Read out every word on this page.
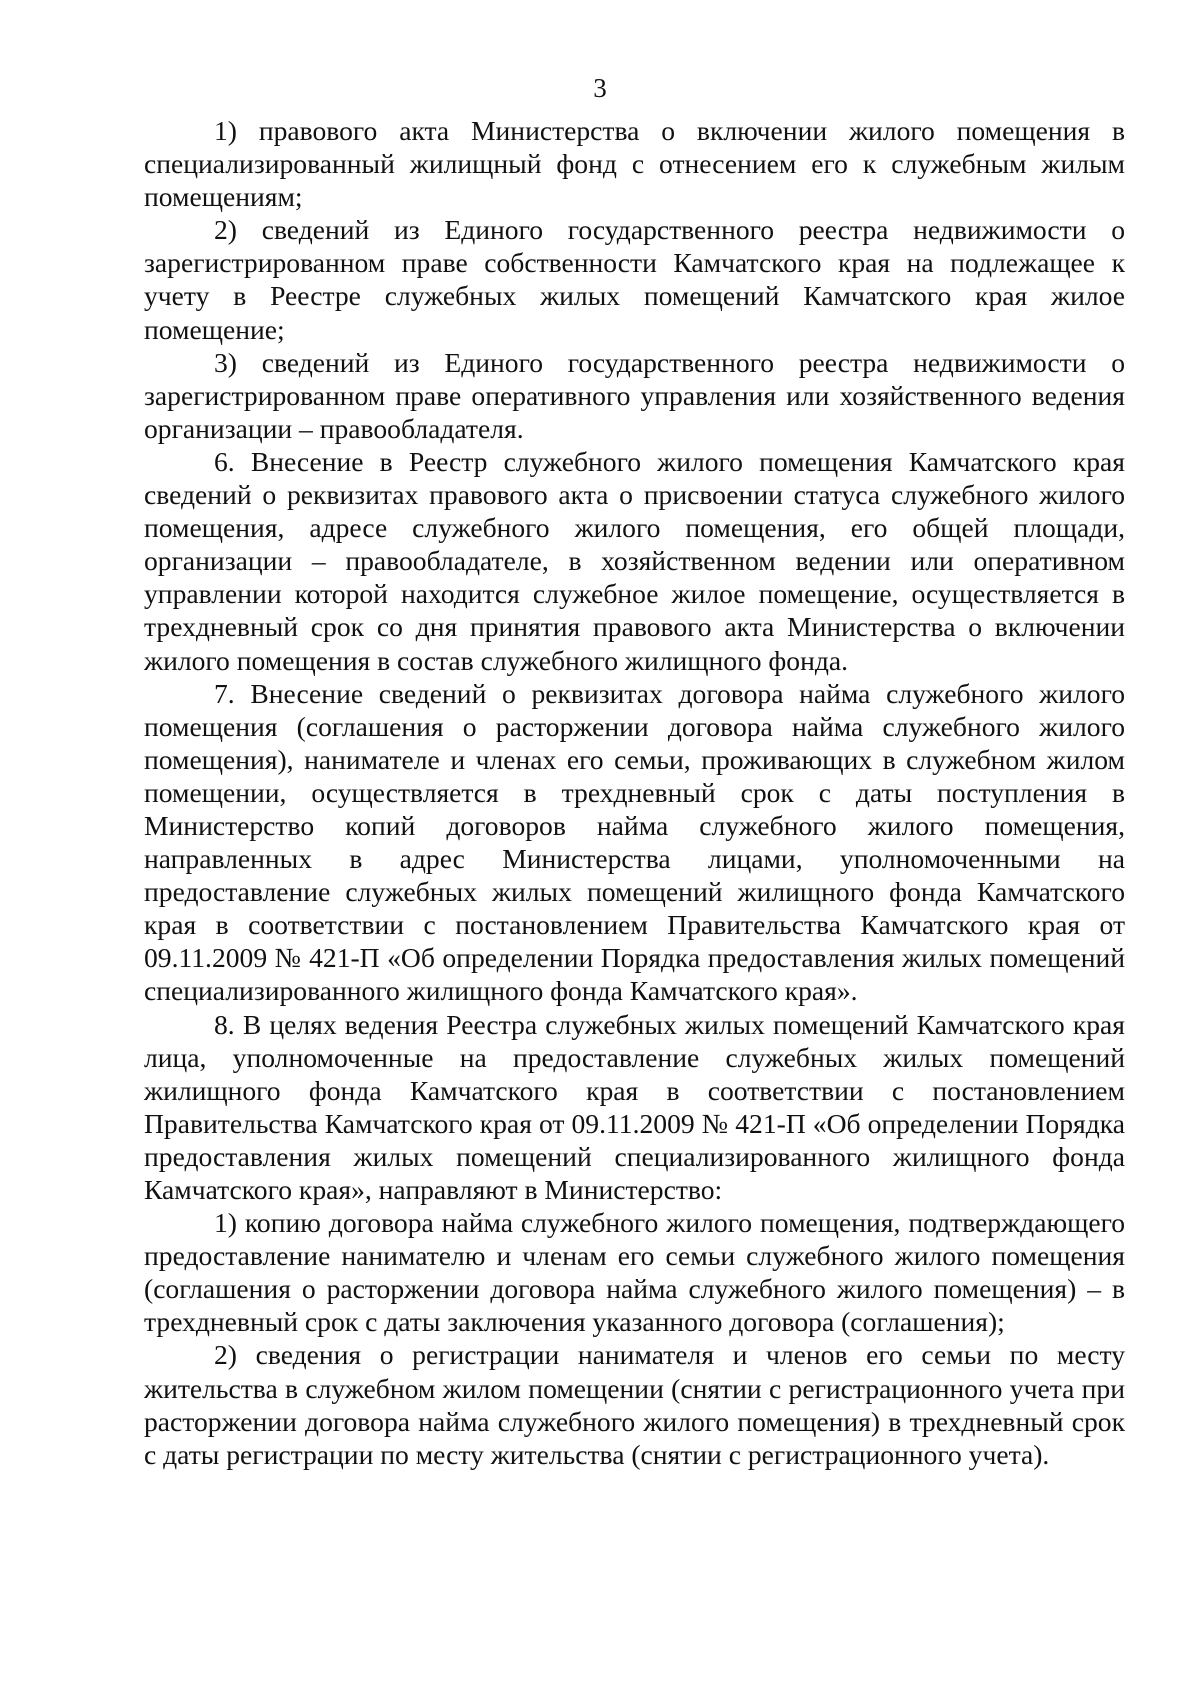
3

1) правового акта Министерства о включении жилого помещения в специализированный жилищный фонд с отнесением его к служебным жилым помещениям;

2) сведений из Единого государственного реестра недвижимости о зарегистрированном праве собственности Камчатского края на подлежащее к учету в Реестре служебных жилых помещений Камчатского края жилое помещение;

3) сведений из Единого государственного реестра недвижимости о зарегистрированном праве оперативного управления или хозяйственного ведения организации – правообладателя.

6. Внесение в Реестр служебного жилого помещения Камчатского края сведений о реквизитах правового акта о присвоении статуса служебного жилого помещения, адресе служебного жилого помещения, его общей площади, организации – правообладателе, в хозяйственном ведении или оперативном управлении которой находится служебное жилое помещение, осуществляется в трехдневный срок со дня принятия правового акта Министерства о включении жилого помещения в состав служебного жилищного фонда.

7. Внесение сведений о реквизитах договора найма служебного жилого помещения (соглашения о расторжении договора найма служебного жилого помещения), нанимателе и членах его семьи, проживающих в служебном жилом помещении, осуществляется в трехдневный срок с даты поступления в Министерство копий договоров найма служебного жилого помещения, направленных в адрес Министерства лицами, уполномоченными на предоставление служебных жилых помещений жилищного фонда Камчатского края в соответствии с постановлением Правительства Камчатского края от 09.11.2009 № 421-П «Об определении Порядка предоставления жилых помещений специализированного жилищного фонда Камчатского края».

8. В целях ведения Реестра служебных жилых помещений Камчатского края лица, уполномоченные на предоставление служебных жилых помещений жилищного фонда Камчатского края в соответствии с постановлением Правительства Камчатского края от 09.11.2009 № 421-П «Об определении Порядка предоставления жилых помещений специализированного жилищного фонда Камчатского края», направляют в Министерство:

1) копию договора найма служебного жилого помещения, подтверждающего предоставление нанимателю и членам его семьи служебного жилого помещения (соглашения о расторжении договора найма служебного жилого помещения) – в трехдневный срок с даты заключения указанного договора (соглашения);

2) сведения о регистрации нанимателя и членов его семьи по месту жительства в служебном жилом помещении (снятии с регистрационного учета при расторжении договора найма служебного жилого помещения) в трехдневный срок с даты регистрации по месту жительства (снятии с регистрационного учета).
